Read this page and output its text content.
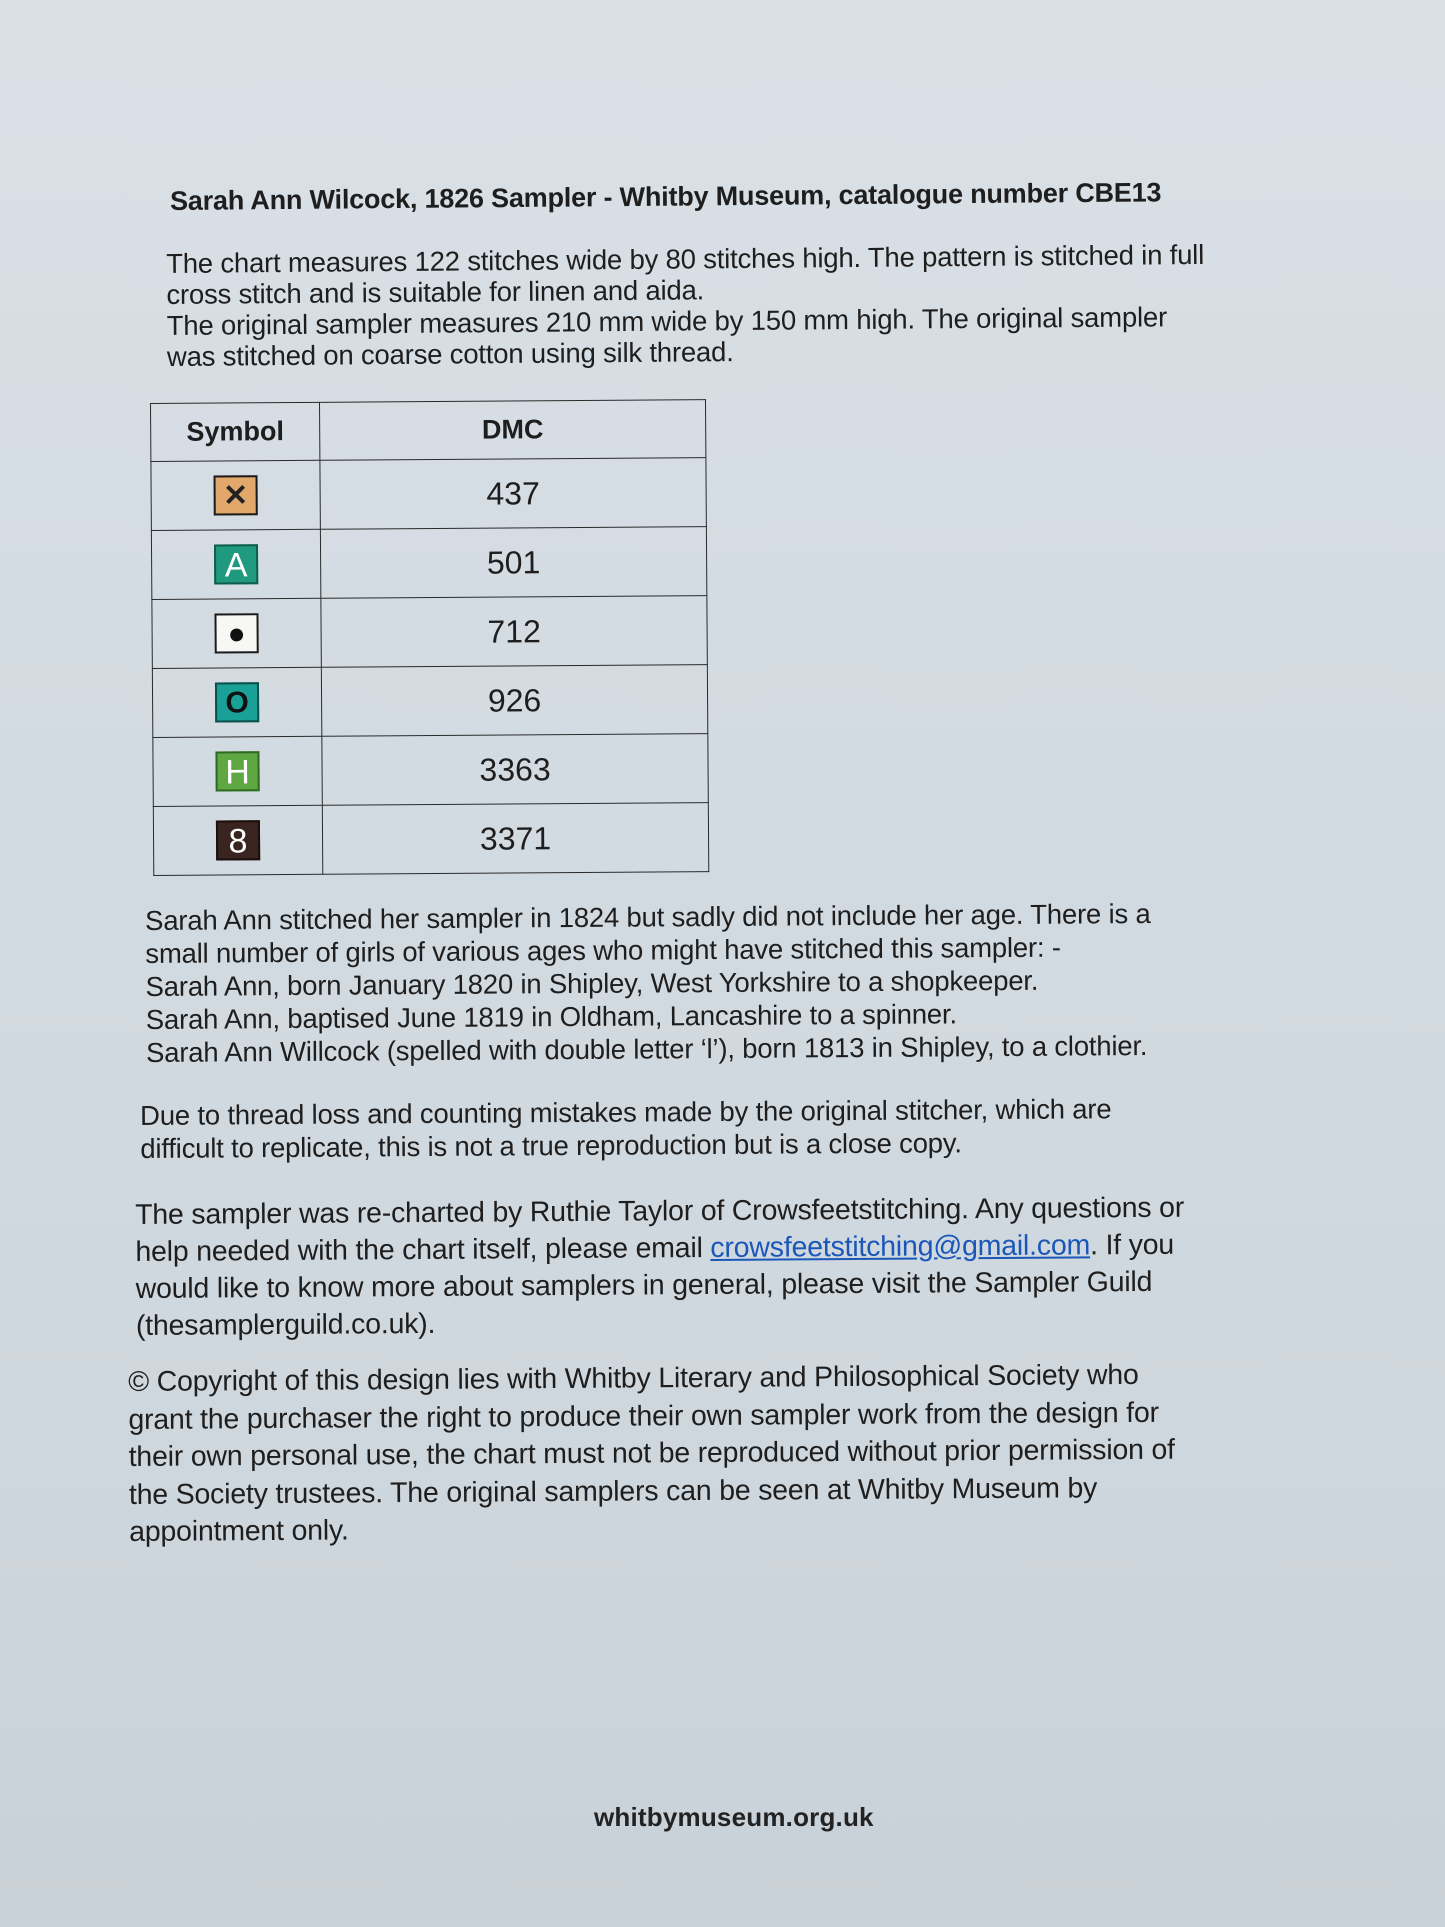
Sarah Ann Wilcock, 1826 Sampler - Whitby Museum, catalogue number CBE13
The chart measures 122 stitches wide by 80 stitches high. The pattern is stitched in full
cross stitch and is suitable for linen and aida.
The original sampler measures 210 mm wide by 150 mm high. The original sampler
was stitched on coarse cotton using silk thread.
Symbol	DMC
✕	437
A	501
●	712
O	926
H	3363
8	3371
Sarah Ann stitched her sampler in 1824 but sadly did not include her age. There is a
small number of girls of various ages who might have stitched this sampler: -
Sarah Ann, born January 1820 in Shipley, West Yorkshire to a shopkeeper.
Sarah Ann, baptised June 1819 in Oldham, Lancashire to a spinner.
Sarah Ann Willcock (spelled with double letter ‘l’), born 1813 in Shipley, to a clothier.
Due to thread loss and counting mistakes made by the original stitcher, which are
difficult to replicate, this is not a true reproduction but is a close copy.
The sampler was re-charted by Ruthie Taylor of Crowsfeetstitching. Any questions or
help needed with the chart itself, please email crowsfeetstitching@gmail.com. If you
would like to know more about samplers in general, please visit the Sampler Guild
(thesamplerguild.co.uk).
© Copyright of this design lies with Whitby Literary and Philosophical Society who
grant the purchaser the right to produce their own sampler work from the design for
their own personal use, the chart must not be reproduced without prior permission of
the Society trustees. The original samplers can be seen at Whitby Museum by
appointment only.
whitbymuseum.org.uk
